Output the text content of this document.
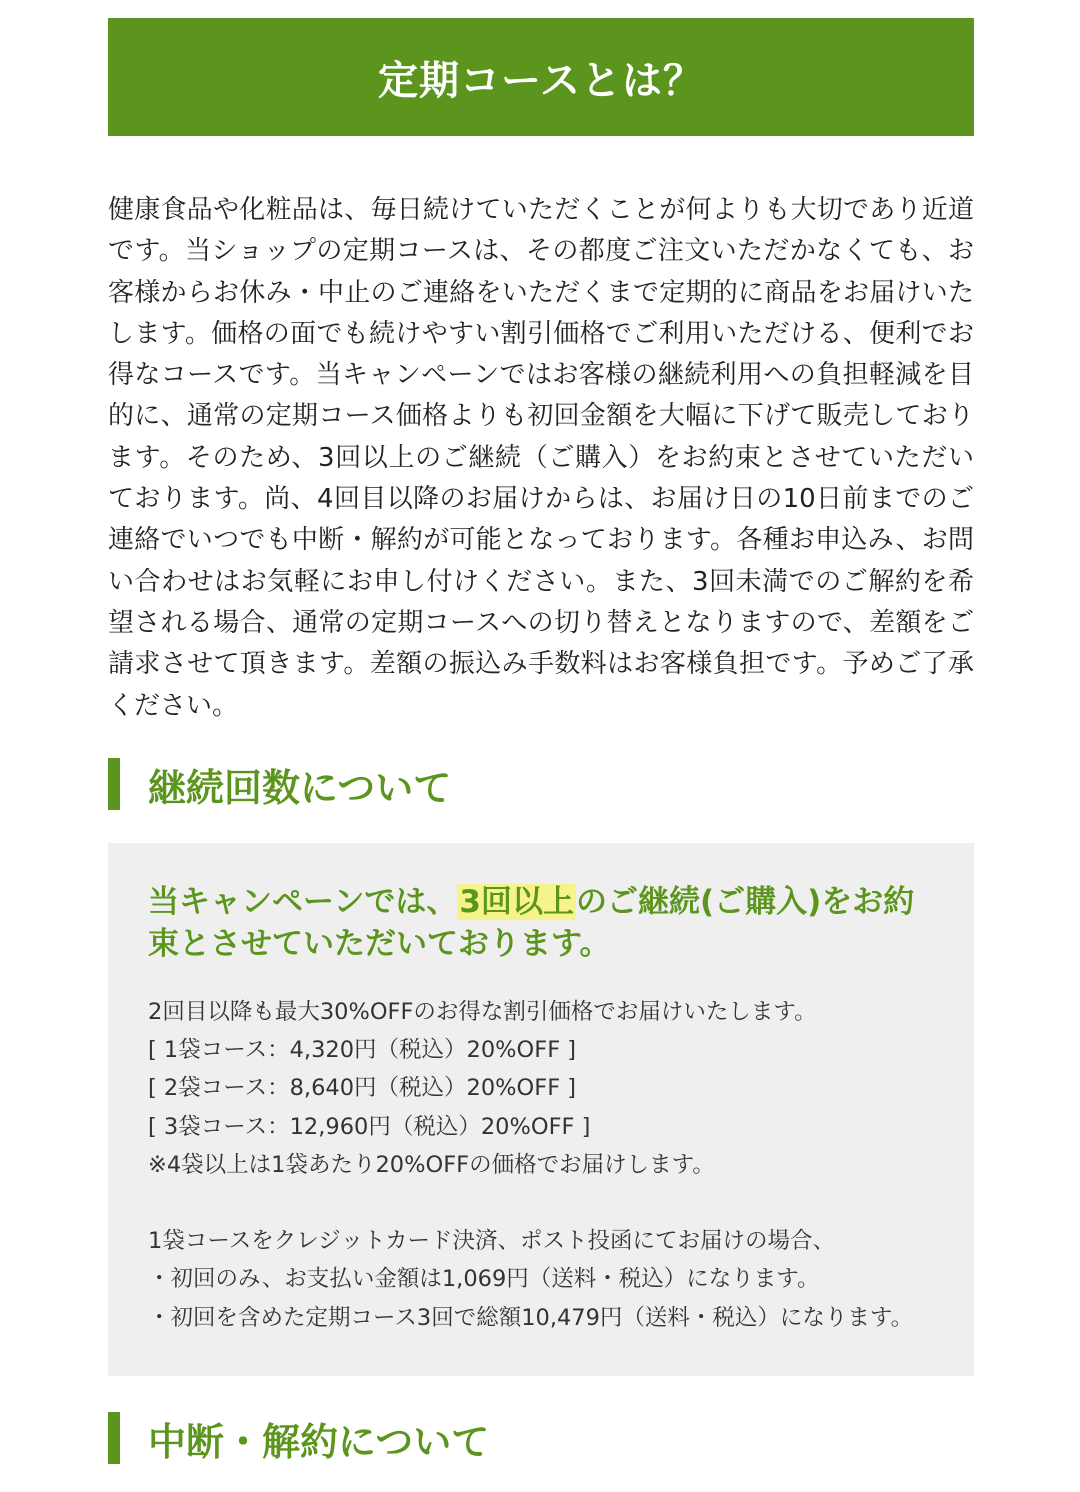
定期コースとは？

健康食品や化粧品は、毎日続けていただくことが何よりも大切であり近道です。当ショップの定期コースは、その都度ご注文いただかなくても、お客様からお休み・中止のご連絡をいただくまで定期的に商品をお届けいたします。価格の面でも続けやすい割引価格でご利用いただける、便利でお得なコースです。当キャンペーンではお客様の継続利用への負担軽減を目的に、通常の定期コース価格よりも初回金額を大幅に下げて販売しております。そのため、3回以上のご継続（ご購入）をお約束とさせていただいております。尚、4回目以降のお届けからは、お届け日の10日前までのご連絡でいつでも中断・解約が可能となっております。各種お申込み、お問い合わせはお気軽にお申し付けください。また、3回未満でのご解約を希望される場合、通常の定期コースへの切り替えとなりますので、差額をご請求させて頂きます。差額の振込み手数料はお客様負担です。予めご了承ください。

継続回数について

当キャンペーンでは、3回以上のご継続(ご購入)をお約束とさせていただいております。

2回目以降も最大30%OFFのお得な割引価格でお届けいたします。
[ 1袋コース：4,320円（税込）20%OFF ]
[ 2袋コース：8,640円（税込）20%OFF ]
[ 3袋コース：12,960円（税込）20%OFF ]
※4袋以上は1袋あたり20%OFFの価格でお届けします。
1袋コースをクレジットカード決済、ポスト投函にてお届けの場合、
・初回のみ、お支払い金額は1,069円（送料・税込）になります。
・初回を含めた定期コース3回で総額10,479円（送料・税込）になります。
中断・解約について
